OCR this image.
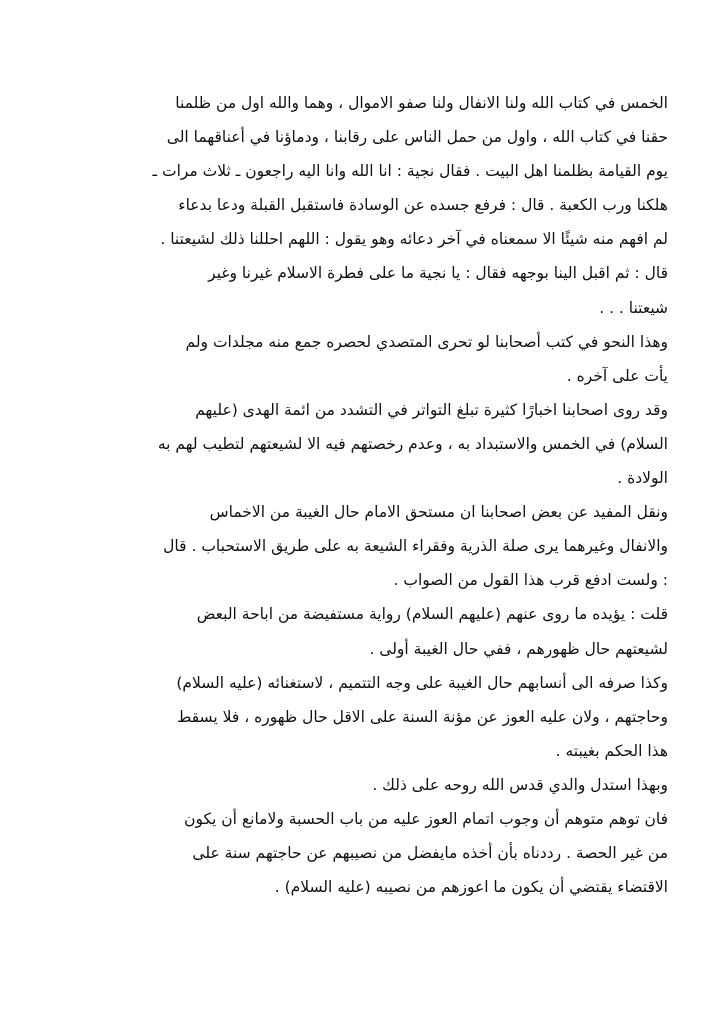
الخمس في كتاب الله ولنا الانفال ولنا صفو الاموال ، وهما والله اول من ظلمنا
حقنا في كتاب الله ، واول من حمل الناس على رقابنا ، ودماؤنا في أعناقهما الى
يوم القيامة بظلمنا اهل البيت . فقال نجية : انا الله وانا اليه راجعون ـ ثلاث مرات ـ
هلكنا ورب الكعبة . قال : فرفع جسده عن الوسادة فاستقبل القبلة ودعا بدعاء
لم افهم منه شيئًا الا سمعناه في آخر دعائه وهو يقول : اللهم احللنا ذلك لشيعتنا .
قال : ثم اقبل الينا بوجهه فقال : يا نجية ما على فطرة الاسلام غيرنا وغير
شيعتنا . . .
وهذا النحو في كتب أصحابنا لو تحرى المتصدي لحصره جمع منه مجلدات ولم
يأت على آخره .
وقد روى اصحابنا اخبارًا كثيرة تبلغ التواتر في التشدد من ائمة الهدى (عليهم
السلام) في الخمس والاستبداد به ، وعدم رخصتهم فيه الا لشيعتهم لتطيب لهم به
الولادة .
ونقل المفيد عن بعض اصحابنا ان مستحق الامام حال الغيبة من الاخماس
والانفال وغيرهما يرى صلة الذرية وفقراء الشيعة به على طريق الاستحباب . قال
: ولست ادفع قرب هذا القول من الصواب .
قلت : يؤيده ما روى عنهم (عليهم السلام) رواية مستفيضة من اباحة البعض
لشيعتهم حال ظهورهم ، ففي حال الغيبة أولى .
وكذا صرفه الى أنسابهم حال الغيبة على وجه التتميم ، لاستغنائه (عليه السلام)
وحاجتهم ، ولان عليه العوز عن مؤنة السنة على الاقل حال ظهوره ، فلا يسقط
هذا الحكم بغيبته .
وبهذا استدل والدي قدس الله روحه على ذلك .
فان توهم متوهم أن وجوب اتمام العوز عليه من باب الحسبة ولامانع أن يكون
من غير الحصة . رددناه بأن أخذه مايفضل من نصيبهم عن حاجتهم سنة على
الاقتضاء يقتضي أن يكون ما اعوزهم من نصيبه (عليه السلام) .
